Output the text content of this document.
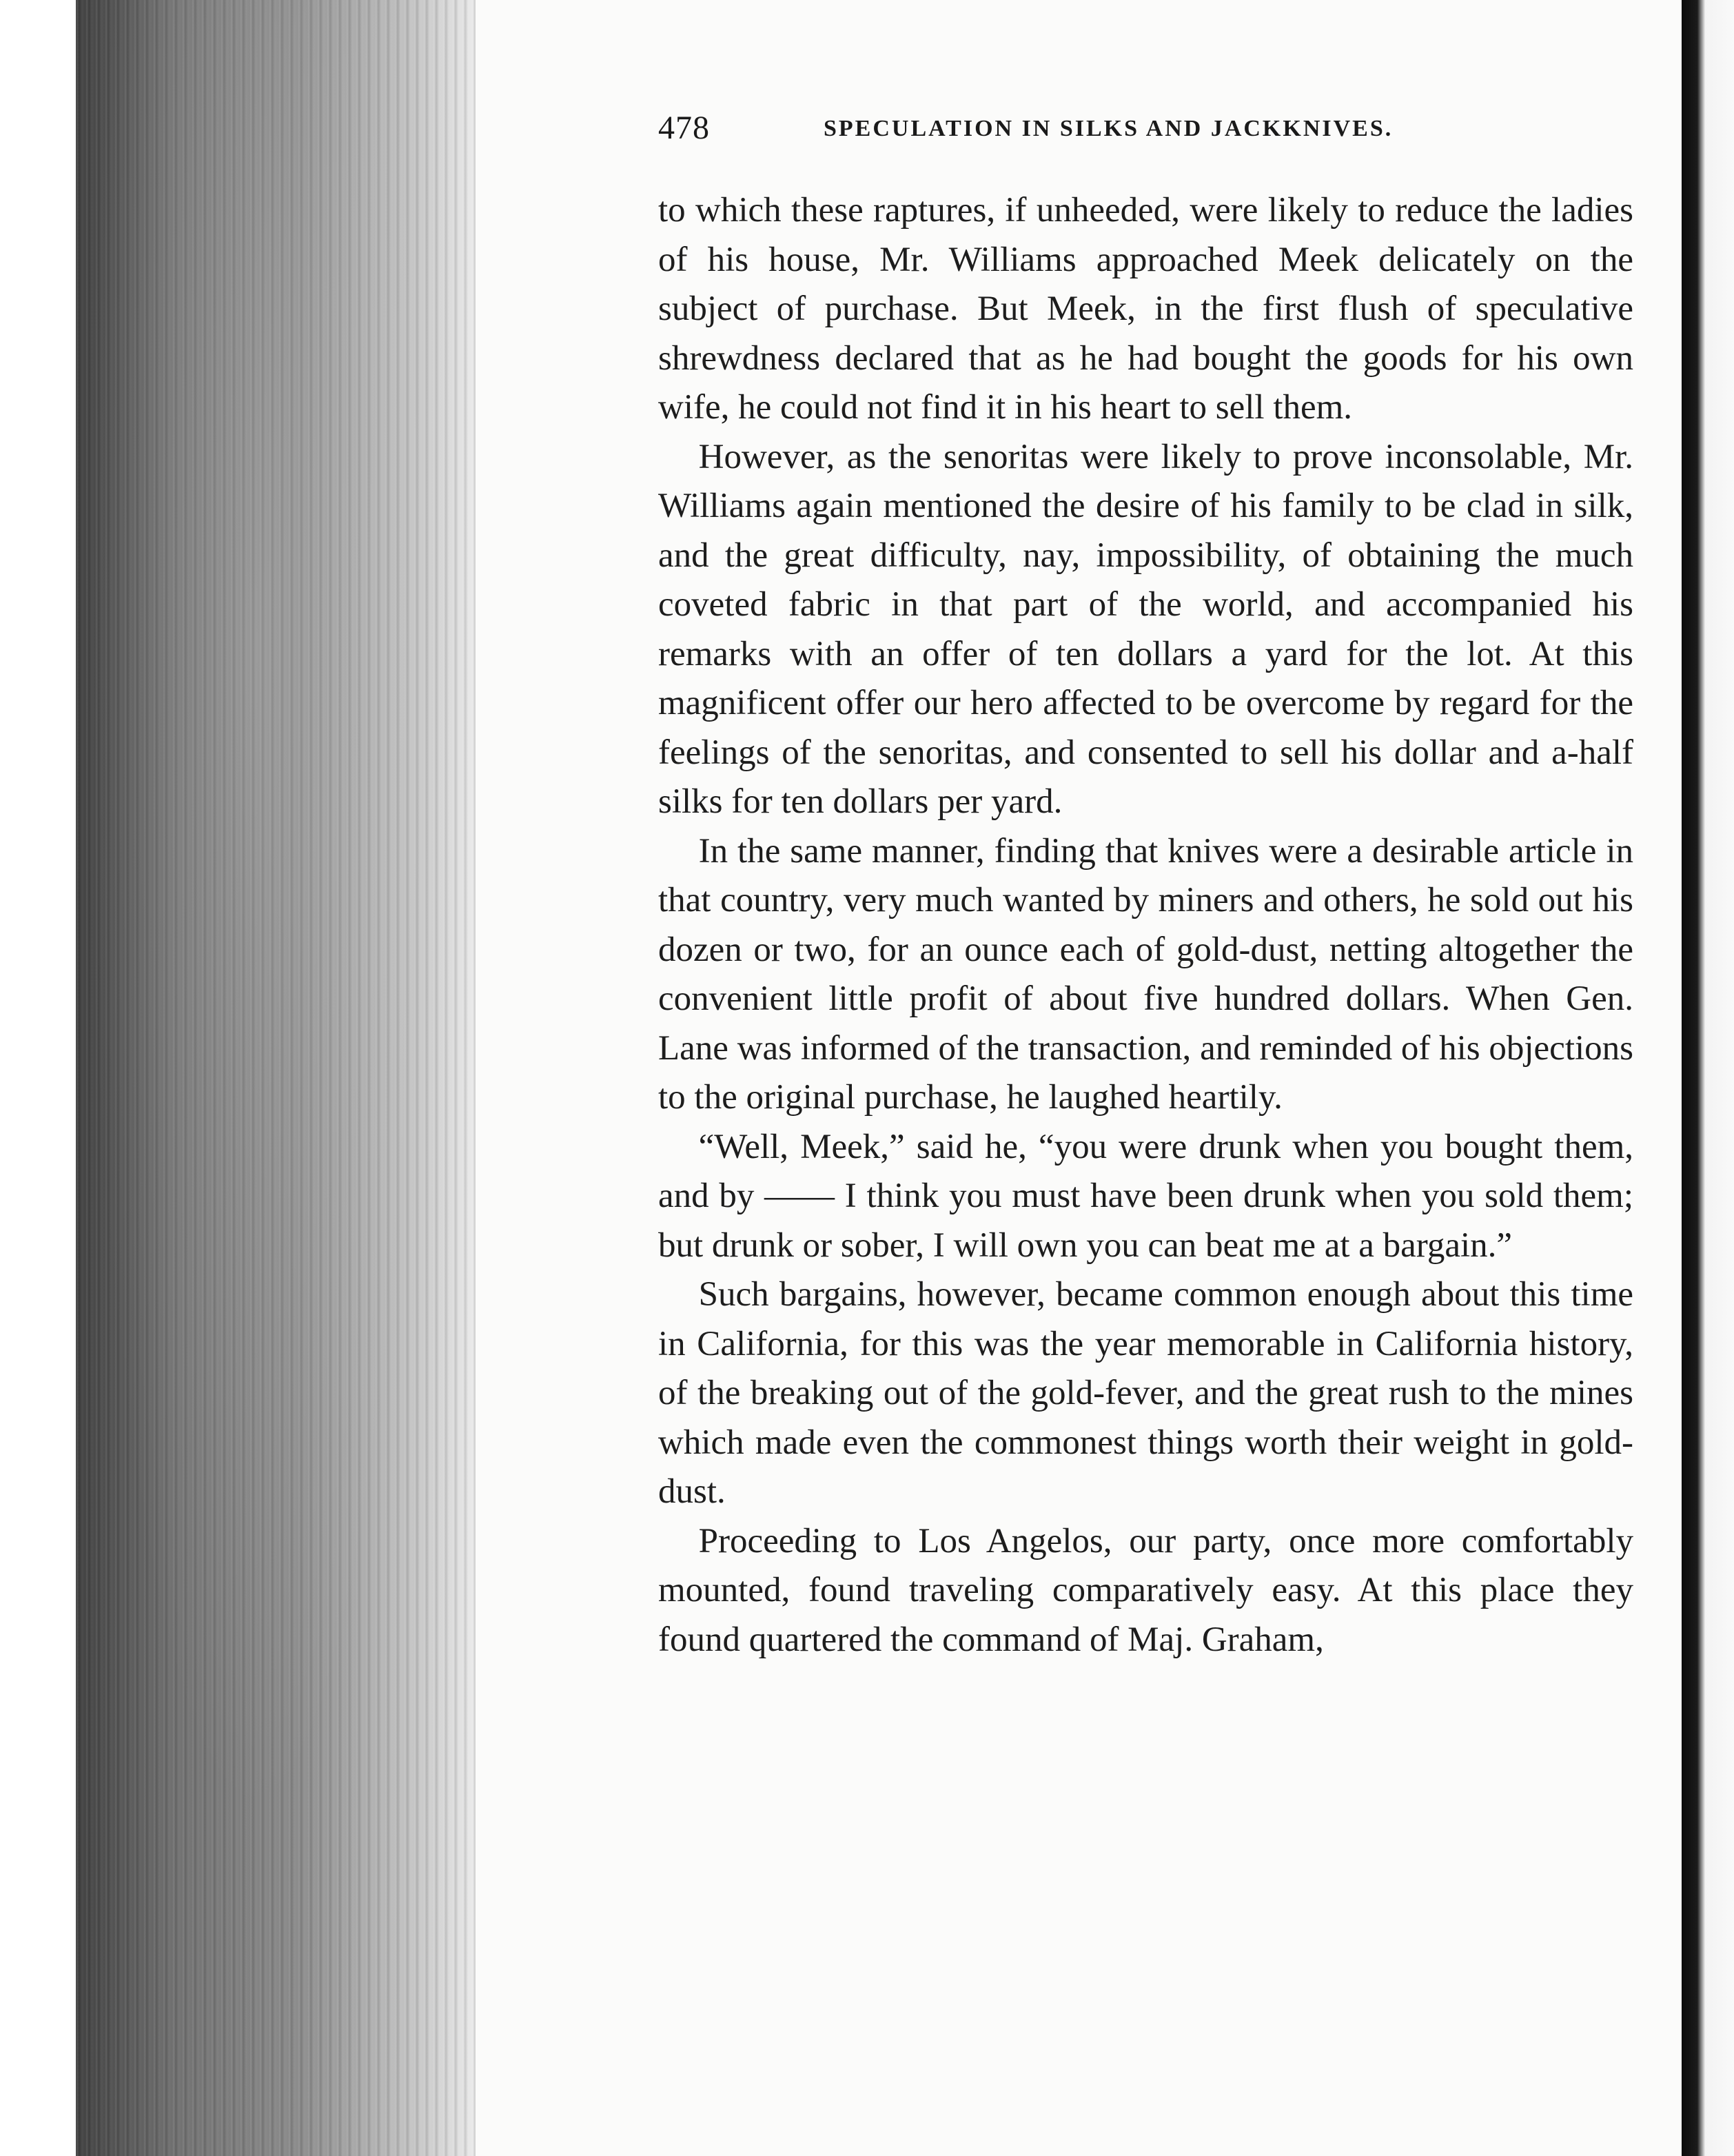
478	SPECULATION IN SILKS AND JACKKNIVES.

to which these raptures, if unheeded, were likely to reduce the ladies of his house, Mr. Williams approached Meek delicately on the subject of purchase. But Meek, in the first flush of speculative shrewdness declared that as he had bought the goods for his own wife, he could not find it in his heart to sell them.

However, as the senoritas were likely to prove inconsolable, Mr. Williams again mentioned the desire of his family to be clad in silk, and the great difficulty, nay, impossibility, of obtaining the much coveted fabric in that part of the world, and accompanied his remarks with an offer of ten dollars a yard for the lot. At this magnificent offer our hero affected to be overcome by regard for the feelings of the senoritas, and consented to sell his dollar and a-half silks for ten dollars per yard.

In the same manner, finding that knives were a desirable article in that country, very much wanted by miners and others, he sold out his dozen or two, for an ounce each of gold-dust, netting altogether the convenient little profit of about five hundred dollars. When Gen. Lane was informed of the transaction, and reminded of his objections to the original purchase, he laughed heartily.

“Well, Meek,” said he, “you were drunk when you bought them, and by —— I think you must have been drunk when you sold them; but drunk or sober, I will own you can beat me at a bargain.”

Such bargains, however, became common enough about this time in California, for this was the year memorable in California history, of the breaking out of the gold-fever, and the great rush to the mines which made even the commonest things worth their weight in gold-dust.

Proceeding to Los Angelos, our party, once more comfortably mounted, found traveling comparatively easy. At this place they found quartered the command of Maj. Graham,
